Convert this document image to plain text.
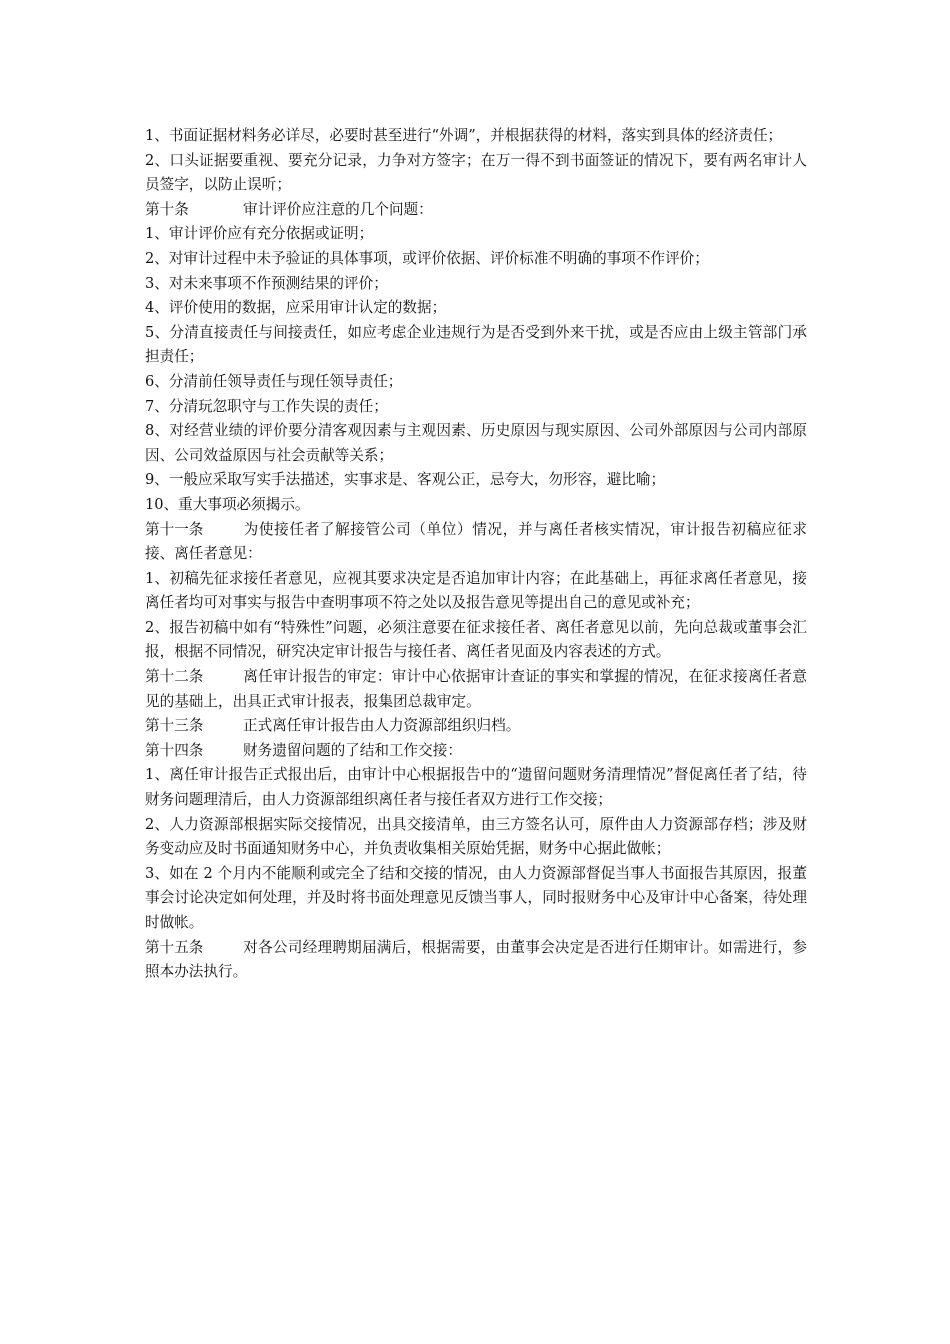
1、书面证据材料务必详尽，必要时甚至进行“外调”，并根据获得的材料，落实到具体的经济责任；

2、口头证据要重视、要充分记录，力争对方签字；在万一得不到书面签证的情况下，要有两名审计人员签字，以防止误听；

第十条	审计评价应注意的几个问题：

1、审计评价应有充分依据或证明；

2、对审计过程中未予验证的具体事项，或评价依据、评价标准不明确的事项不作评价；

3、对未来事项不作预测结果的评价；

4、评价使用的数据，应采用审计认定的数据；

5、分清直接责任与间接责任，如应考虑企业违规行为是否受到外来干扰，或是否应由上级主管部门承担责任；

6、分清前任领导责任与现任领导责任；

7、分清玩忽职守与工作失误的责任；

8、对经营业绩的评价要分清客观因素与主观因素、历史原因与现实原因、公司外部原因与公司内部原因、公司效益原因与社会贡献等关系；

9、一般应采取写实手法描述，实事求是、客观公正，忌夸大，勿形容，避比喻；

10、重大事项必须揭示。

第十一条	为使接任者了解接管公司（单位）情况，并与离任者核实情况，审计报告初稿应征求接、离任者意见：

1、初稿先征求接任者意见，应视其要求决定是否追加审计内容；在此基础上，再征求离任者意见，接离任者均可对事实与报告中查明事项不符之处以及报告意见等提出自己的意见或补充；

2、报告初稿中如有“特殊性”问题，必须注意要在征求接任者、离任者意见以前，先向总裁或董事会汇报，根据不同情况，研究决定审计报告与接任者、离任者见面及内容表述的方式。

第十二条	离任审计报告的审定：审计中心依据审计查证的事实和掌握的情况，在征求接离任者意见的基础上，出具正式审计报表，报集团总裁审定。

第十三条	正式离任审计报告由人力资源部组织归档。

第十四条	财务遗留问题的了结和工作交接：

1、离任审计报告正式报出后，由审计中心根据报告中的“遗留问题财务清理情况”督促离任者了结，待财务问题理清后，由人力资源部组织离任者与接任者双方进行工作交接；

2、人力资源部根据实际交接情况，出具交接清单，由三方签名认可，原件由人力资源部存档；涉及财务变动应及时书面通知财务中心，并负责收集相关原始凭据，财务中心据此做帐；

3、如在 2 个月内不能顺利或完全了结和交接的情况，由人力资源部督促当事人书面报告其原因，报董事会讨论决定如何处理，并及时将书面处理意见反馈当事人，同时报财务中心及审计中心备案，待处理时做帐。

第十五条	对各公司经理聘期届满后，根据需要，由董事会决定是否进行任期审计。如需进行，参照本办法执行。
